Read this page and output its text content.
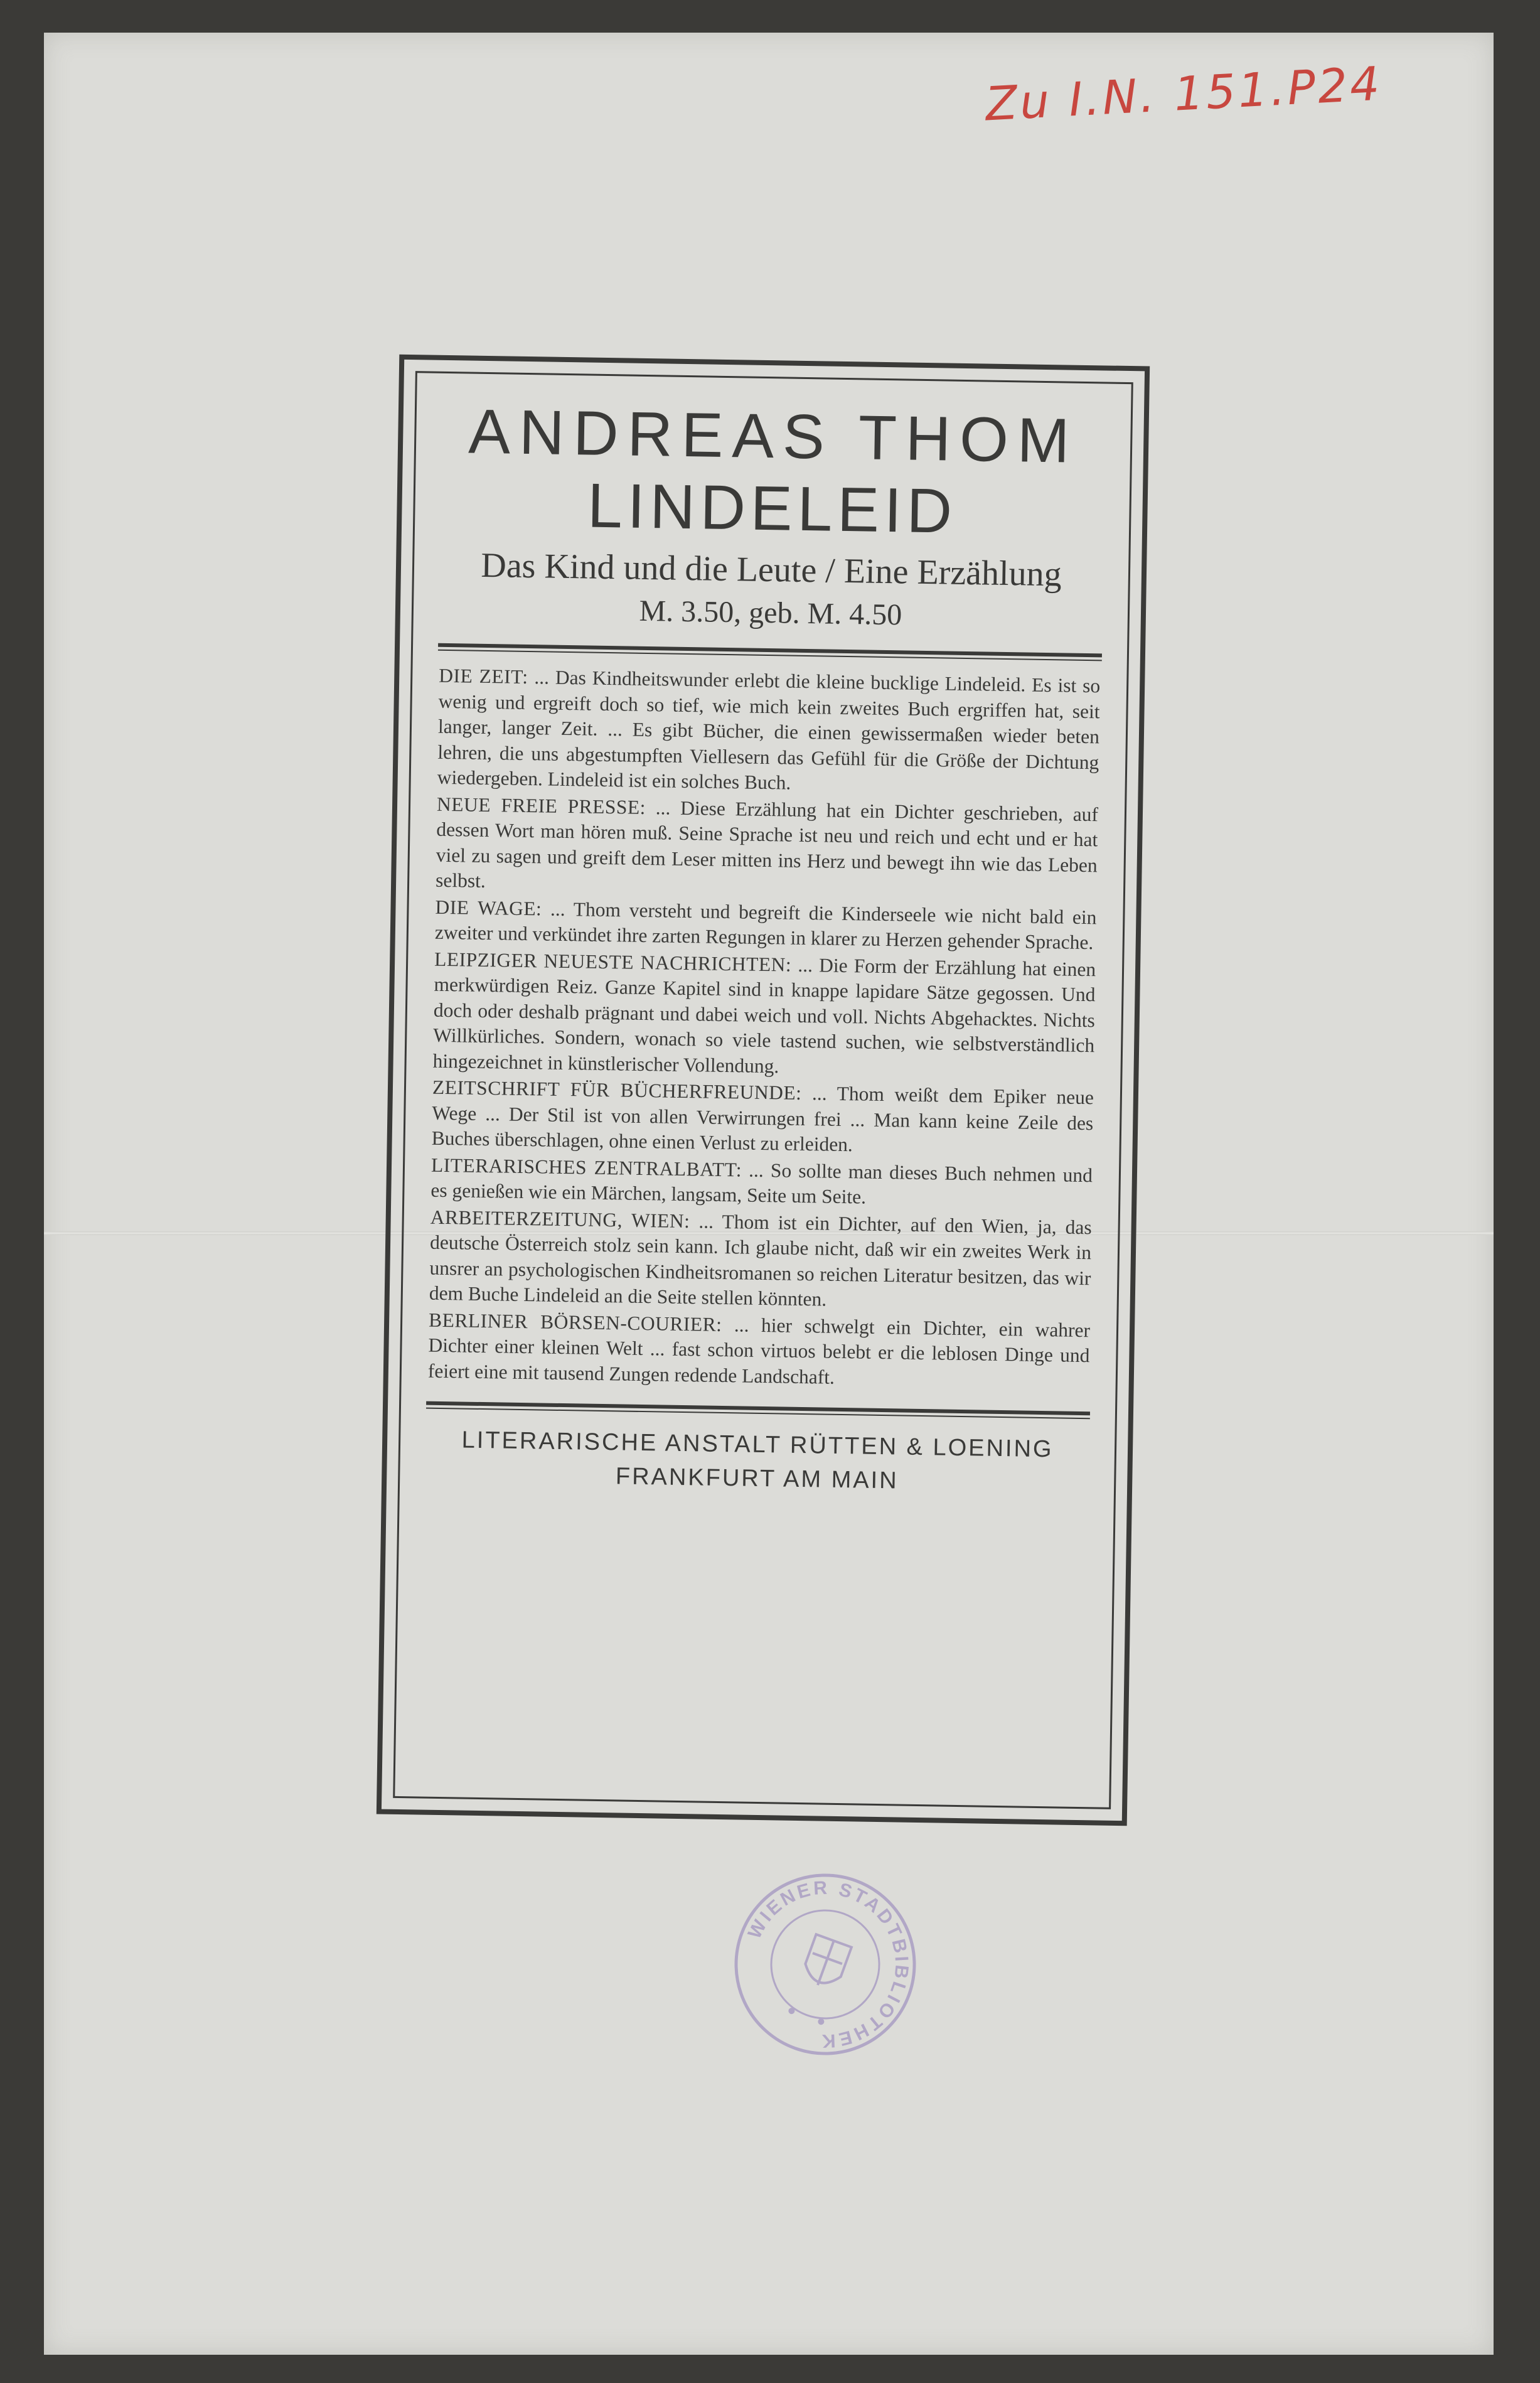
Zu I.N. 151.P24
ANDREAS THOM
LINDELEID

Das Kind und die Leute / Eine Erzählung

M. 3.50, geb. M. 4.50

DIE ZEIT: ... Das Kindheitswunder erlebt die kleine bucklige Lindeleid. Es ist so wenig und ergreift doch so tief, wie mich kein zweites Buch ergriffen hat, seit langer, langer Zeit. ... Es gibt Bücher, die einen gewissermaßen wieder beten lehren, die uns abgestumpften Viellesern das Gefühl für die Größe der Dichtung wiedergeben. Lindeleid ist ein solches Buch.

NEUE FREIE PRESSE: ... Diese Erzählung hat ein Dichter geschrieben, auf dessen Wort man hören muß. Seine Sprache ist neu und reich und echt und er hat viel zu sagen und greift dem Leser mitten ins Herz und bewegt ihn wie das Leben selbst.

DIE WAGE: ... Thom versteht und begreift die Kinderseele wie nicht bald ein zweiter und verkündet ihre zarten Regungen in klarer zu Herzen gehender Sprache.

LEIPZIGER NEUESTE NACHRICHTEN: ... Die Form der Erzählung hat einen merkwürdigen Reiz. Ganze Kapitel sind in knappe lapidare Sätze gegossen. Und doch oder deshalb prägnant und dabei weich und voll. Nichts Abgehacktes. Nichts Willkürliches. Sondern, wonach so viele tastend suchen, wie selbstverständlich hingezeichnet in künstlerischer Vollendung.

ZEITSCHRIFT FÜR BÜCHERFREUNDE: ... Thom weißt dem Epiker neue Wege ... Der Stil ist von allen Verwirrungen frei ... Man kann keine Zeile des Buches überschlagen, ohne einen Verlust zu erleiden.

LITERARISCHES ZENTRALBATT: ... So sollte man dieses Buch nehmen und es genießen wie ein Märchen, langsam, Seite um Seite.

ARBEITERZEITUNG, WIEN: ... Thom ist ein Dichter, auf den Wien, ja, das deutsche Österreich stolz sein kann. Ich glaube nicht, daß wir ein zweites Werk in unsrer an psychologischen Kindheitsromanen so reichen Literatur besitzen, das wir dem Buche Lindeleid an die Seite stellen könnten.

BERLINER BÖRSEN-COURIER: ... hier schwelgt ein Dichter, ein wahrer Dichter einer kleinen Welt ... fast schon virtuos belebt er die leblosen Dinge und feiert eine mit tausend Zungen redende Landschaft.

LITERARISCHE ANSTALT RÜTTEN & LOENING
FRANKFURT AM MAIN
WIENER STADTBIBLIOTHEK
